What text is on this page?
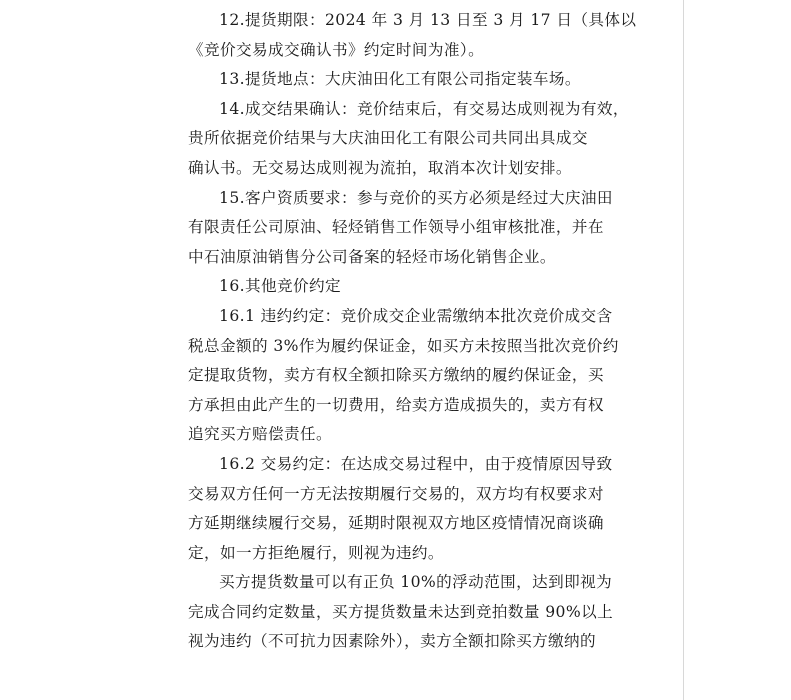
12.提货期限：2024 年 3 月 13 日至 3 月 17 日（具体以
《竞价交易成交确认书》约定时间为准）。
13.提货地点：大庆油田化工有限公司指定装车场。
14.成交结果确认：竞价结束后，有交易达成则视为有效，
贵所依据竞价结果与大庆油田化工有限公司共同出具成交
确认书。无交易达成则视为流拍，取消本次计划安排。
15.客户资质要求：参与竞价的买方必须是经过大庆油田
有限责任公司原油、轻烃销售工作领导小组审核批准，并在
中石油原油销售分公司备案的轻烃市场化销售企业。
16.其他竞价约定
16.1 违约约定：竞价成交企业需缴纳本批次竞价成交含
税总金额的 3%作为履约保证金，如买方未按照当批次竞价约
定提取货物，卖方有权全额扣除买方缴纳的履约保证金，买
方承担由此产生的一切费用，给卖方造成损失的，卖方有权
追究买方赔偿责任。
16.2 交易约定：在达成交易过程中，由于疫情原因导致
交易双方任何一方无法按期履行交易的，双方均有权要求对
方延期继续履行交易，延期时限视双方地区疫情情况商谈确
定，如一方拒绝履行，则视为违约。
买方提货数量可以有正负 10%的浮动范围，达到即视为
完成合同约定数量，买方提货数量未达到竞拍数量 90%以上
视为违约（不可抗力因素除外），卖方全额扣除买方缴纳的
